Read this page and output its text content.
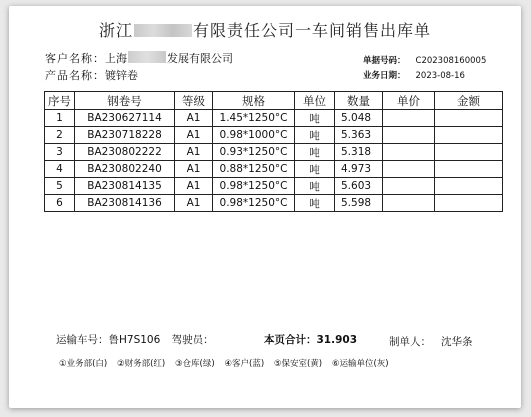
浙江	有限责任公司一车间销售出库单
客户名称：上海	发展有限公司
产品名称：镀锌卷
单据号码： C202308160005
业务日期： 2023-08-16
序号	钢卷号	等级	规格	单位	数量	单价	金额
1	BA230627114	A1	1.45*1250°C	吨	5.048		
2	BA230718228	A1	0.98*1000°C	吨	5.363		
3	BA230802222	A1	0.93*1250°C	吨	5.318		
4	BA230802240	A1	0.88*1250°C	吨	4.973		
5	BA230814135	A1	0.98*1250°C	吨	5.603		
6	BA230814136	A1	0.98*1250°C	吨	5.598		
运输车号：鲁H7S106 驾驶员：	本页合计：31.903	制单人： 沈华条
①业务部(白) ②财务部(红) ③仓库(绿) ④客户(蓝) ⑤保安室(黄) ⑥运输单位(灰)
